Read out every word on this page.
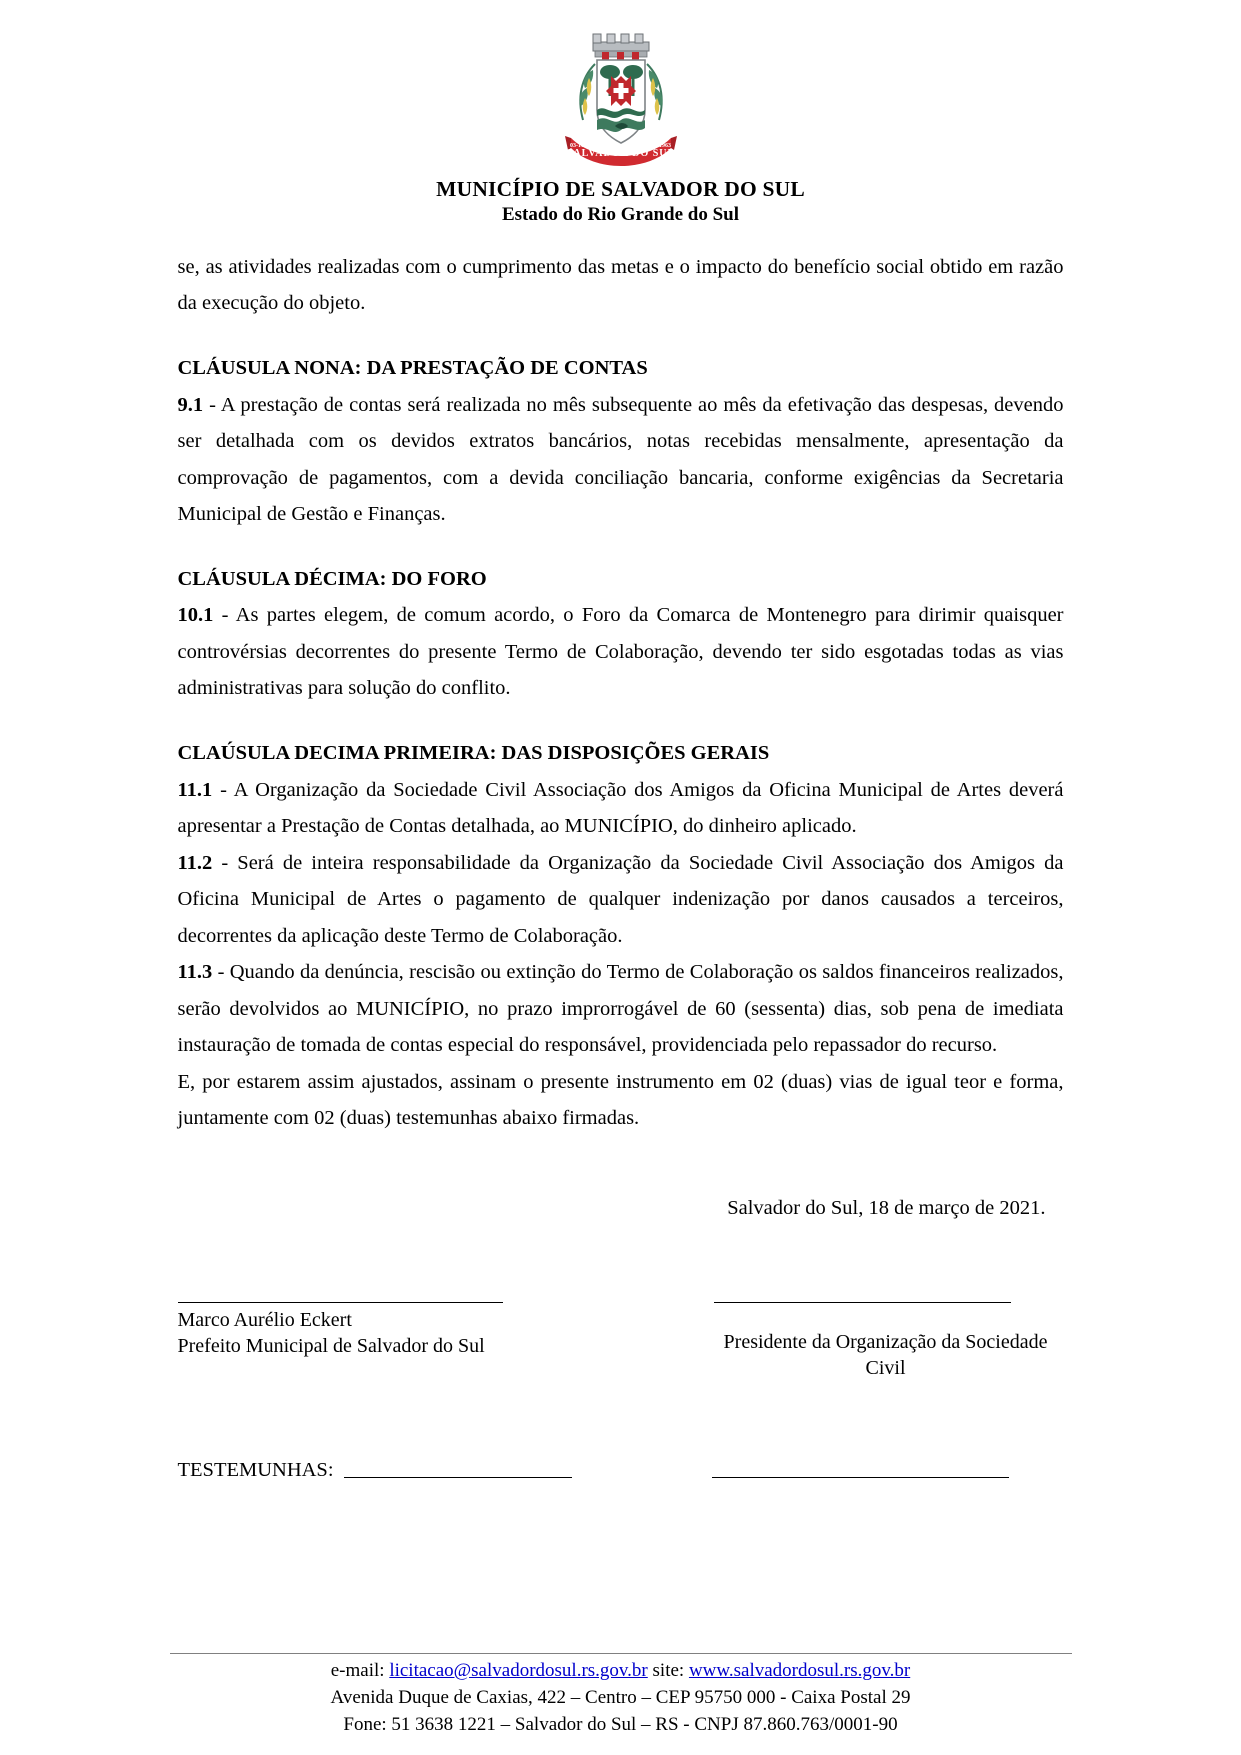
SALVADOR DO SUL
03-10	1963
MUNICÍPIO DE SALVADOR DO SUL
Estado do Rio Grande do Sul

se, as atividades realizadas com o cumprimento das metas e o impacto do benefício social obtido em razão da execução do objeto.

CLÁUSULA NONA: DA PRESTAÇÃO DE CONTAS

9.1 - A prestação de contas será realizada no mês subsequente ao mês da efetivação das despesas, devendo ser detalhada com os devidos extratos bancários, notas recebidas mensalmente, apresentação da comprovação de pagamentos, com a devida conciliação bancaria, conforme exigências da Secretaria Municipal de Gestão e Finanças.

CLÁUSULA DÉCIMA: DO FORO

10.1 - As partes elegem, de comum acordo, o Foro da Comarca de Montenegro para dirimir quaisquer controvérsias decorrentes do presente Termo de Colaboração, devendo ter sido esgotadas todas as vias administrativas para solução do conflito.

CLAÚSULA DECIMA PRIMEIRA: DAS DISPOSIÇÕES GERAIS

11.1 - A Organização da Sociedade Civil Associação dos Amigos da Oficina Municipal de Artes deverá apresentar a Prestação de Contas detalhada, ao MUNICÍPIO, do dinheiro aplicado.

11.2 - Será de inteira responsabilidade da Organização da Sociedade Civil Associação dos Amigos da Oficina Municipal de Artes o pagamento de qualquer indenização por danos causados a terceiros, decorrentes da aplicação deste Termo de Colaboração.

11.3 - Quando da denúncia, rescisão ou extinção do Termo de Colaboração os saldos financeiros realizados, serão devolvidos ao MUNICÍPIO, no prazo improrrogável de 60 (sessenta) dias, sob pena de imediata instauração de tomada de contas especial do responsável, providenciada pelo repassador do recurso.

E, por estarem assim ajustados, assinam o presente instrumento em 02 (duas) vias de igual teor e forma, juntamente com 02 (duas) testemunhas abaixo firmadas.

Salvador do Sul, 18 de março de 2021.
Marco Aurélio Eckert
Prefeito Municipal de Salvador do Sul	Presidente da Organização da Sociedade Civil
TESTEMUNHAS:
e-mail: licitacao@salvadordosul.rs.gov.br site: www.salvadordosul.rs.gov.br
Avenida Duque de Caxias, 422 – Centro – CEP 95750 000 - Caixa Postal 29
Fone: 51 3638 1221 – Salvador do Sul – RS - CNPJ 87.860.763/0001-90
